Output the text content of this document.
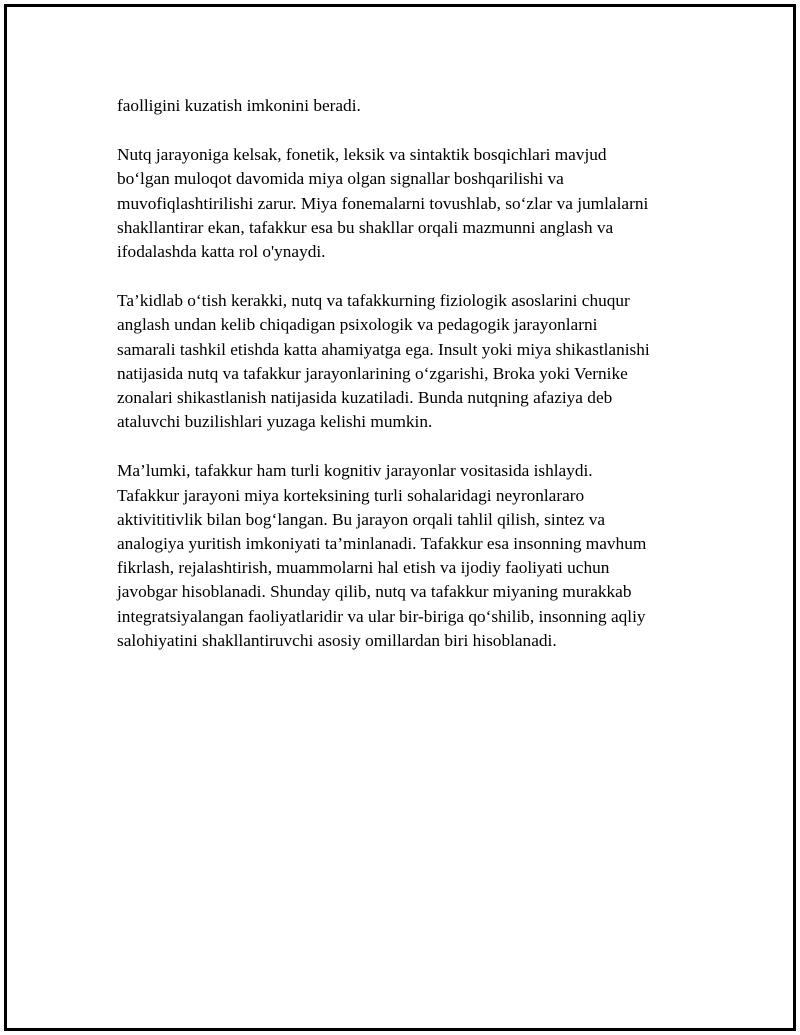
faolligini kuzatish imkonini beradi.

Nutq jarayoniga kelsak, fonetik, leksik va sintaktik bosqichlari mavjud
bo‘lgan muloqot davomida miya olgan signallar boshqarilishi va
muvofiqlashtirilishi zarur. Miya fonemalarni tovushlab, so‘zlar va jumlalarni
shakllantirar ekan, tafakkur esa bu shakllar orqali mazmunni anglash va
ifodalashda katta rol o'ynaydi.

Ta’kidlab o‘tish kerakki, nutq va tafakkurning fiziologik asoslarini chuqur
anglash undan kelib chiqadigan psixologik va pedagogik jarayonlarni
samarali tashkil etishda katta ahamiyatga ega. Insult yoki miya shikastlanishi
natijasida nutq va tafakkur jarayonlarining o‘zgarishi, Broka yoki Vernike
zonalari shikastlanish natijasida kuzatiladi. Bunda nutqning afaziya deb
ataluvchi buzilishlari yuzaga kelishi mumkin.

Ma’lumki, tafakkur ham turli kognitiv jarayonlar vositasida ishlaydi.
Tafakkur jarayoni miya korteksining turli sohalaridagi neyronlararo
aktivititivlik bilan bog‘langan. Bu jarayon orqali tahlil qilish, sintez va
analogiya yuritish imkoniyati ta’minlanadi. Tafakkur esa insonning mavhum
fikrlash, rejalashtirish, muammolarni hal etish va ijodiy faoliyati uchun
javobgar hisoblanadi. Shunday qilib, nutq va tafakkur miyaning murakkab
integratsiyalangan faoliyatlaridir va ular bir-biriga qo‘shilib, insonning aqliy
salohiyatini shakllantiruvchi asosiy omillardan biri hisoblanadi.
